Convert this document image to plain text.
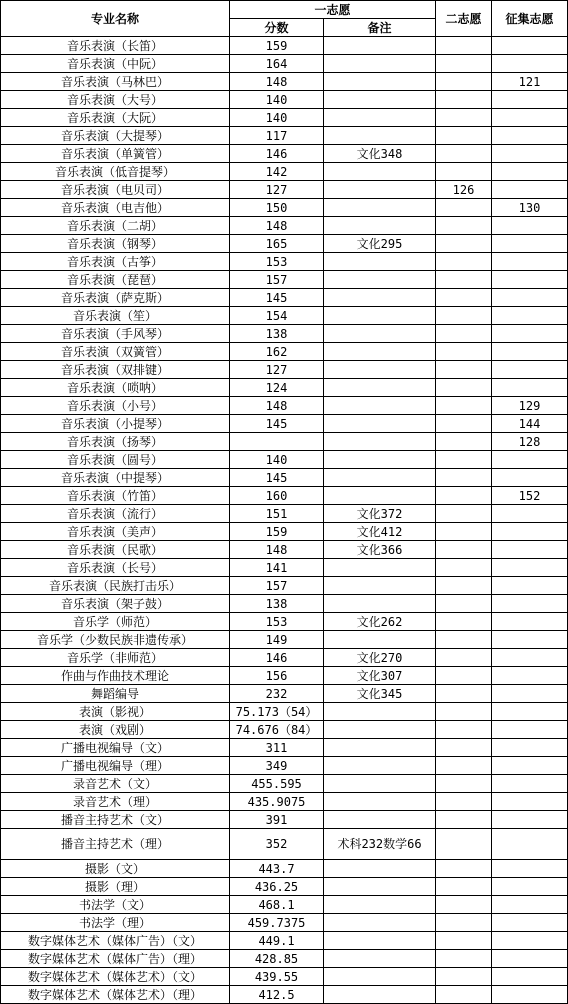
专业名称	一志愿		二志愿	征集志愿
	分数	备注		
音乐表演（长笛）	159			
音乐表演（中阮）	164			
音乐表演（马林巴）	148			121
音乐表演（大号）	140			
音乐表演（大阮）	140			
音乐表演（大提琴）	117			
音乐表演（单簧管）	146	文化348		
音乐表演（低音提琴）	142			
音乐表演（电贝司）	127		126	
音乐表演（电吉他）	150			130
音乐表演（二胡）	148			
音乐表演（钢琴）	165	文化295		
音乐表演（古筝）	153			
音乐表演（琵琶）	157			
音乐表演（萨克斯）	145			
音乐表演（笙）	154			
音乐表演（手风琴）	138			
音乐表演（双簧管）	162			
音乐表演（双排键）	127			
音乐表演（唢呐）	124			
音乐表演（小号）	148			129
音乐表演（小提琴）	145			144
音乐表演（扬琴）				128
音乐表演（圆号）	140			
音乐表演（中提琴）	145			
音乐表演（竹笛）	160			152
音乐表演（流行）	151	文化372		
音乐表演（美声）	159	文化412		
音乐表演（民歌）	148	文化366		
音乐表演（长号）	141			
音乐表演（民族打击乐）	157			
音乐表演（架子鼓）	138			
音乐学（师范）	153	文化262		
音乐学（少数民族非遗传承）	149			
音乐学（非师范）	146	文化270		
作曲与作曲技术理论	156	文化307		
舞蹈编导	232	文化345		
表演（影视）	75.173（54）			
表演（戏剧）	74.676（84）			
广播电视编导（文）	311			
广播电视编导（理）	349			
录音艺术（文）	455.595			
录音艺术（理）	435.9075			
播音主持艺术（文）	391			
播音主持艺术（理）	352	术科232数学66		
摄影（文）	443.7			
摄影（理）	436.25			
书法学（文）	468.1			
书法学（理）	459.7375			
数字媒体艺术（媒体广告）（文）	449.1			
数字媒体艺术（媒体广告）（理）	428.85			
数字媒体艺术（媒体艺术）（文）	439.55			
数字媒体艺术（媒体艺术）（理）	412.5			
